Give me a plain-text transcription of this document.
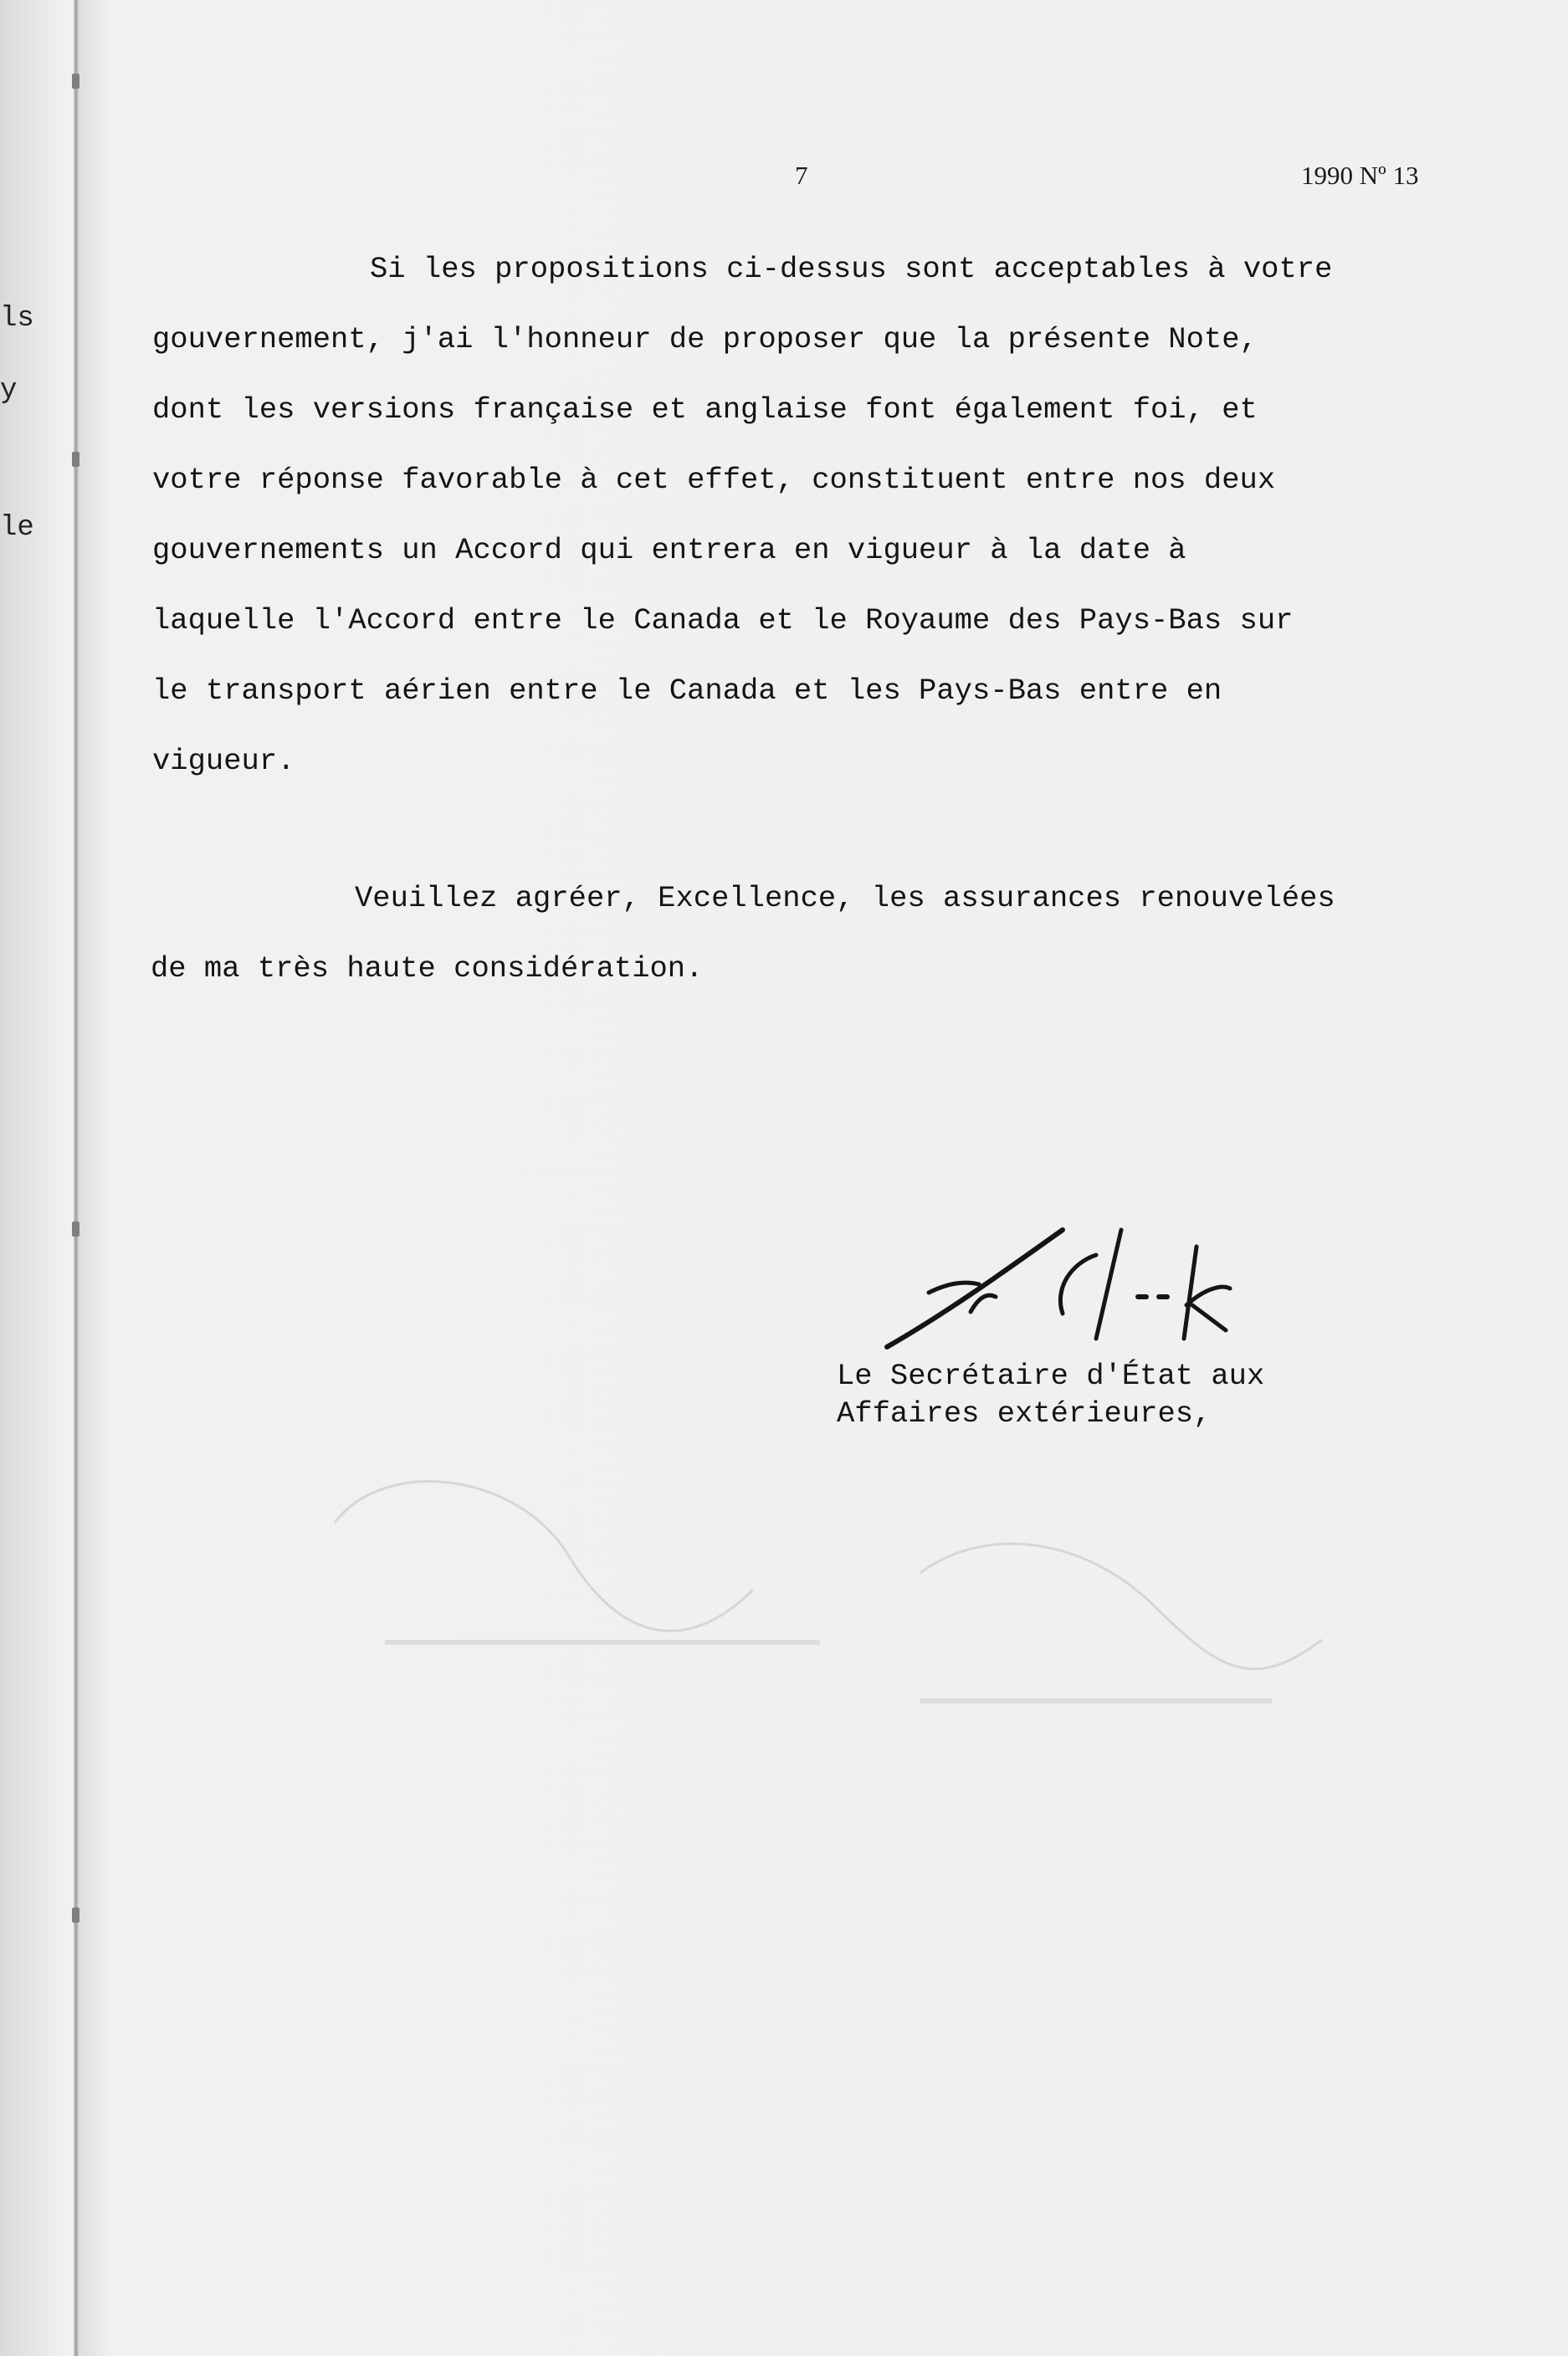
ls
y
le
7	1990 Nº 13

Si les propositions ci-dessus sont acceptables à votre

gouvernement, j'ai l'honneur de proposer que la présente Note,

dont les versions française et anglaise font également foi, et

votre réponse favorable à cet effet, constituent entre nos deux

gouvernements un Accord qui entrera en vigueur à la date à

laquelle l'Accord entre le Canada et le Royaume des Pays-Bas sur

le transport aérien entre le Canada et les Pays-Bas entre en

vigueur.

Veuillez agréer, Excellence, les assurances renouvelées
de ma très haute considération.
Le Secrétaire d'État aux
Affaires extérieures,
